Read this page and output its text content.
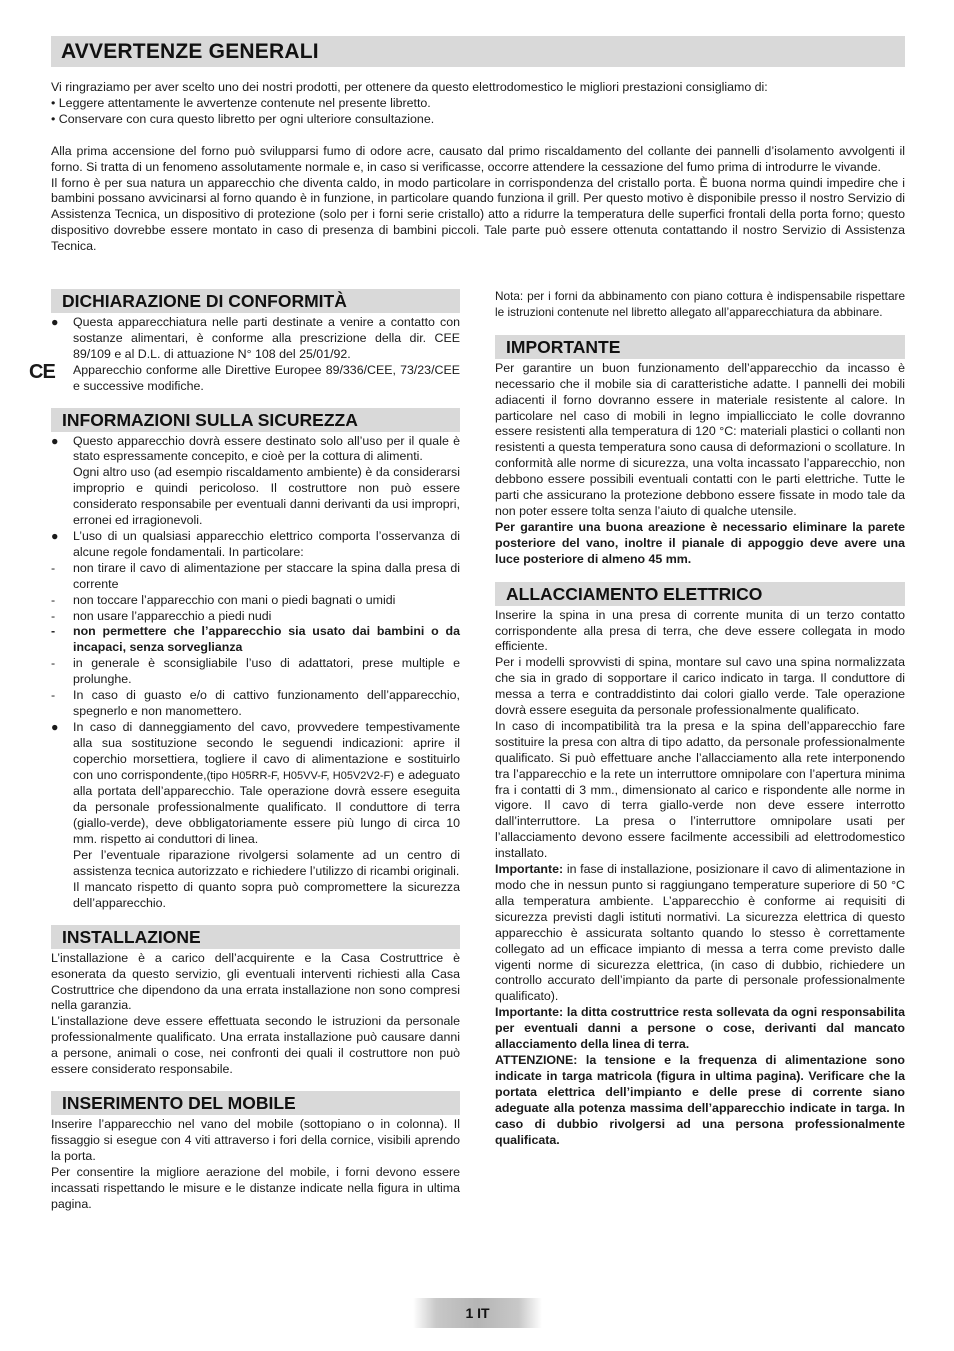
AVVERTENZE GENERALI

Vi ringraziamo per aver scelto uno dei nostri prodotti, per ottenere da questo elettrodomestico le migliori prestazioni consigliamo di:

• Leggere attentamente le avvertenze contenute nel presente libretto.

• Conservare con cura questo libretto per ogni ulteriore consultazione.

Alla prima accensione del forno può svilupparsi fumo di odore acre, causato dal primo riscaldamento del collante dei pannelli d’isolamento avvolgenti il forno. Si tratta di un fenomeno assolutamente normale e, in caso si verificasse, occorre attendere la cessazione del fumo prima di introdurre le vivande.

Il forno è per sua natura un apparecchio che diventa caldo, in modo particolare in corrispondenza del cristallo porta. È buona norma quindi impedire che i bambini possano avvicinarsi al forno quando è in funzione, in particolare quando funziona il grill. Per questo motivo è disponibile presso il nostro Servizio di Assistenza Tecnica, un dispositivo di protezione (solo per i forni serie cristallo) atto a ridurre la temperatura delle superfici frontali della porta forno; questo dispositivo dovrebbe essere montato in caso di presenza di bambini piccoli. Tale parte può essere ottenuta contattando il nostro Servizio di Assistenza Tecnica.

DICHIARAZIONE DI CONFORMITÀ
●	Questa apparecchiatura nelle parti destinate a venire a contatto con sostanze alimentari, è conforme alla prescrizione della dir. CEE 89/109 e al D.L. di attuazione N° 108 del 25/01/92.
CE Apparecchio conforme alle Direttive Europee 89/336/CEE, 73/23/CEE e successive modifiche.
INFORMAZIONI SULLA SICUREZZA
●	Questo apparecchio dovrà essere destinato solo all’uso per il quale è stato espressamente concepito, e cioè per la cottura di alimenti.
Ogni altro uso (ad esempio riscaldamento ambiente) è da considerarsi improprio e quindi pericoloso. Il costruttore non può essere considerato responsabile per eventuali danni derivanti da usi impropri, erronei ed irragionevoli.
●	L’uso di un qualsiasi apparecchio elettrico comporta l’osservanza di alcune regole fondamentali. In particolare:
-	non tirare il cavo di alimentazione per staccare la spina dalla presa di corrente
-	non toccare l’apparecchio con mani o piedi bagnati o umidi
-	non usare l’apparecchio a piedi nudi
-	non permettere che l’apparecchio sia usato dai bambini o da incapaci, senza sorveglianza
-	in generale è sconsigliabile l’uso di adattatori, prese multiple e prolunghe.
-	In caso di guasto e/o di cattivo funzionamento dell’apparecchio, spegnerlo e non manomettero.
●	In caso di danneggiamento del cavo, provvedere tempestivamente alla sua sostituzione secondo le seguendi indicazioni: aprire il coperchio morsettiera, togliere il cavo di alimentazione e sostituirlo con uno corrispondente,(tipo H05RR-F, H05VV-F, H05V2V2-F) e adeguato alla portata dell’apparecchio. Tale operazione dovrà essere eseguita da personale professionalmente qualificato. Il conduttore di terra (giallo-verde), deve obbligatoriamente essere più lungo di circa 10 mm. rispetto ai conduttori di linea.
Per l’eventuale riparazione rivolgersi solamente ad un centro di assistenza tecnica autorizzato e richiedere l’utilizzo di ricambi originali.
Il mancato rispetto di quanto sopra può compromettere la sicurezza dell’apparecchio.
INSTALLAZIONE

L’installazione è a carico dell’acquirente e la Casa Costruttrice è esonerata da questo servizio, gli eventuali interventi richiesti alla Casa Costruttrice che dipendono da una errata installazione non sono compresi nella garanzia.

L’installazione deve essere effettuata secondo le istruzioni da personale professionalmente qualificato. Una errata installazione può causare danni a persone, animali o cose, nei confronti dei quali il costruttore non può essere considerato responsabile.

INSERIMENTO DEL MOBILE

Inserire l’apparecchio nel vano del mobile (sottopiano o in colonna). Il fissaggio si esegue con 4 viti attraverso i fori della cornice, visibili aprendo la porta.

Per consentire la migliore aerazione del mobile, i forni devono essere incassati rispettando le misure e le distanze indicate nella figura in ultima pagina.

Nota: per i forni da abbinamento con piano cottura è indispensabile rispettare le istruzioni contenute nel libretto allegato all’apparecchiatura da abbinare.

IMPORTANTE

Per garantire un buon funzionamento dell’apparecchio da incasso è necessario che il mobile sia di caratteristiche adatte. I pannelli dei mobili adiacenti il forno dovranno essere in materiale resistente al calore. In particolare nel caso di mobili in legno impiallicciato le colle dovranno essere resistenti alla temperatura di 120 °C: materiali plastici o collanti non resistenti a questa temperatura sono causa di deformazioni o scollature. In conformità alle norme di sicurezza, una volta incassato l’apparecchio, non debbono essere possibili eventuali contatti con le parti elettriche. Tutte le parti che assicurano la protezione debbono essere fissate in modo tale da non poter essere tolta senza l’aiuto di qualche utensile.

Per garantire una buona areazione è necessario eliminare la parete posteriore del vano, inoltre il pianale di appoggio deve avere una luce posteriore di almeno 45 mm.

ALLACCIAMENTO ELETTRICO

Inserire la spina in una presa di corrente munita di un terzo contatto corrispondente alla presa di terra, che deve essere collegata in modo efficiente.

Per i modelli sprovvisti di spina, montare sul cavo una spina normalizzata che sia in grado di sopportare il carico indicato in targa. Il conduttore di messa a terra e contraddistinto dai colori giallo verde. Tale operazione dovrà essere eseguita da personale professionalmente qualificato.

In caso di incompatibilità tra la presa e la spina dell’apparecchio fare sostituire la presa con altra di tipo adatto, da personale professionalmente qualificato. Si può effettuare anche l’allacciamento alla rete interponendo tra l’apparecchio e la rete un interruttore omnipolare con l’apertura minima fra i contatti di 3 mm., dimensionato al carico e rispondente alle norme in vigore. Il cavo di terra giallo-verde non deve essere interrotto dall’interruttore. La presa o l’interruttore omnipolare usati per l’allacciamento devono essere facilmente accessibili ad elettrodomestico installato.

Importante: in fase di installazione, posizionare il cavo di alimentazione in modo che in nessun punto si raggiungano temperature superiore di 50 °C alla temperatura ambiente. L’apparecchio è conforme ai requisiti di sicurezza previsti dagli istituti normativi. La sicurezza elettrica di questo apparecchio è assicurata soltanto quando lo stesso è correttamente collegato ad un efficace impianto di messa a terra come previsto dalle vigenti norme di sicurezza elettrica, (in caso di dubbio, richiedere un controllo accurato dell’impianto da parte di personale professionalmente qualificato).

Importante: la ditta costruttrice resta sollevata da ogni responsabilita per eventuali danni a persone o cose, derivanti dal mancato allacciamento della linea di terra.

ATTENZIONE: la tensione e la frequenza di alimentazione sono indicate in targa matricola (figura in ultima pagina). Verificare che la portata elettrica dell’impianto e delle prese di corrente siano adeguate alla potenza massima dell’apparecchio indicate in targa. In caso di dubbio rivolgersi ad una persona professionalmente qualificata.

1 IT
